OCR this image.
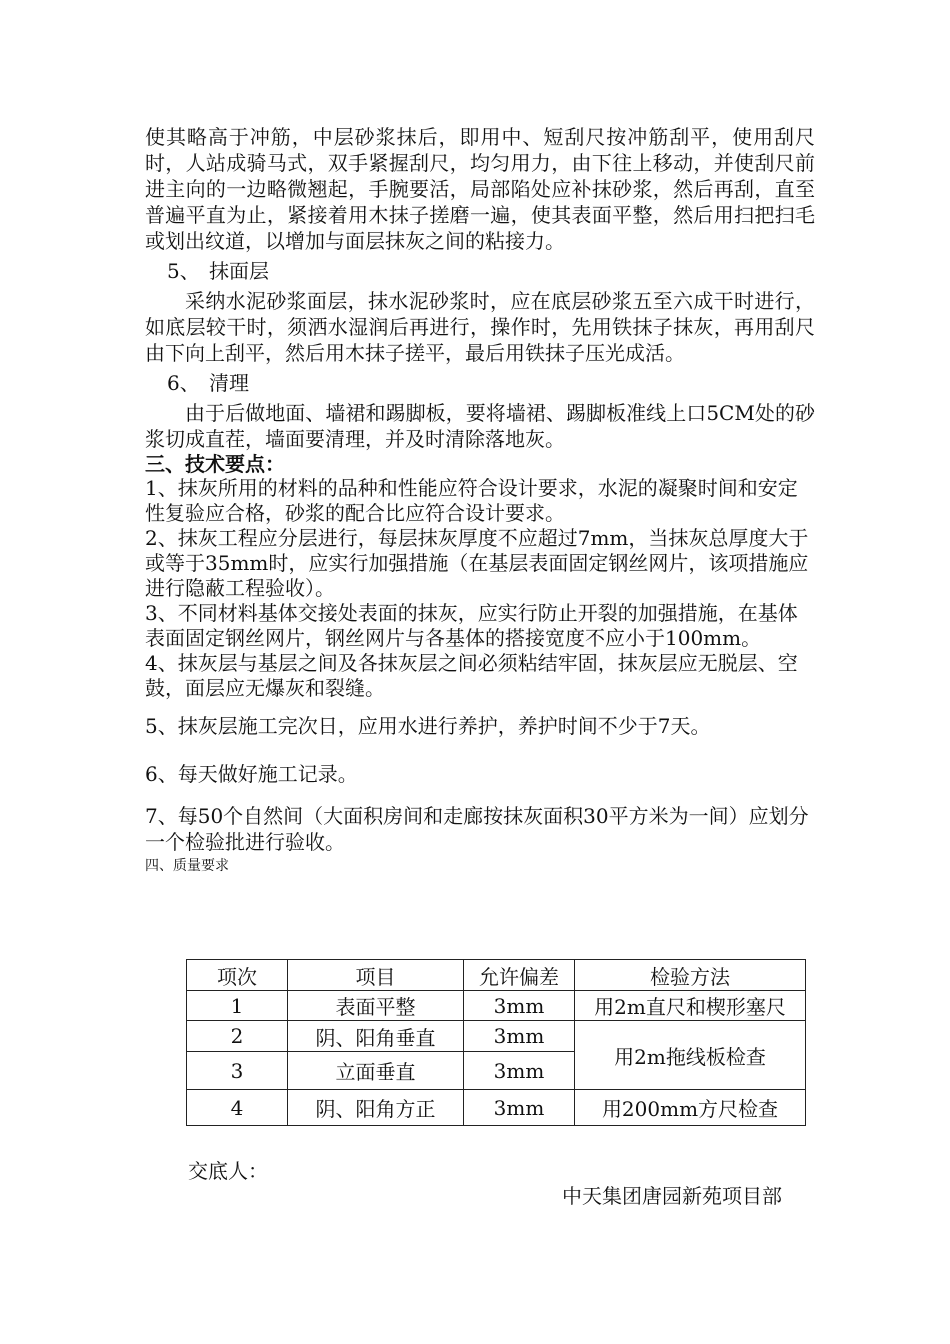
使其略高于冲筋，中层砂浆抹后，即用中、短刮尺按冲筋刮平，使用刮尺时，人站成骑马式，双手紧握刮尺，均匀用力，由下往上移动，并使刮尺前进主向的一边略微翘起，手腕要活，局部陷处应补抹砂浆，然后再刮，直至普遍平直为止，紧接着用木抹子搓磨一遍，使其表面平整，然后用扫把扫毛或划出纹道，以增加与面层抹灰之间的粘接力。

5、 抹面层

采纳水泥砂浆面层，抹水泥砂浆时，应在底层砂浆五至六成干时进行，如底层较干时，须洒水湿润后再进行，操作时，先用铁抹子抹灰，再用刮尺由下向上刮平，然后用木抹子搓平，最后用铁抹子压光成活。

6、 清理

由于后做地面、墙裙和踢脚板，要将墙裙、踢脚板准线上口5CM处的砂浆切成直茬，墙面要清理，并及时清除落地灰。

三、技术要点：

1、抹灰所用的材料的品种和性能应符合设计要求，水泥的凝聚时间和安定性复验应合格，砂浆的配合比应符合设计要求。

2、抹灰工程应分层进行，每层抹灰厚度不应超过7mm，当抹灰总厚度大于或等于35mm时，应实行加强措施（在基层表面固定钢丝网片，该项措施应进行隐蔽工程验收）。

3、不同材料基体交接处表面的抹灰，应实行防止开裂的加强措施，在基体表面固定钢丝网片，钢丝网片与各基体的搭接宽度不应小于100mm。

4、抹灰层与基层之间及各抹灰层之间必须粘结牢固，抹灰层应无脱层、空鼓，面层应无爆灰和裂缝。

5、抹灰层施工完次日，应用水进行养护，养护时间不少于7天。

6、每天做好施工记录。

7、每50个自然间（大面积房间和走廊按抹灰面积30平方米为一间）应划分一个检验批进行验收。

四、质量要求

项次	项目	允许偏差	检验方法
1	表面平整	3mm	用2m直尺和楔形塞尺
2	阴、阳角垂直	3mm	用2m拖线板检查
3	立面垂直	3mm	
4	阴、阳角方正	3mm	用200mm方尺检查
交底人：
中天集团唐园新苑项目部
